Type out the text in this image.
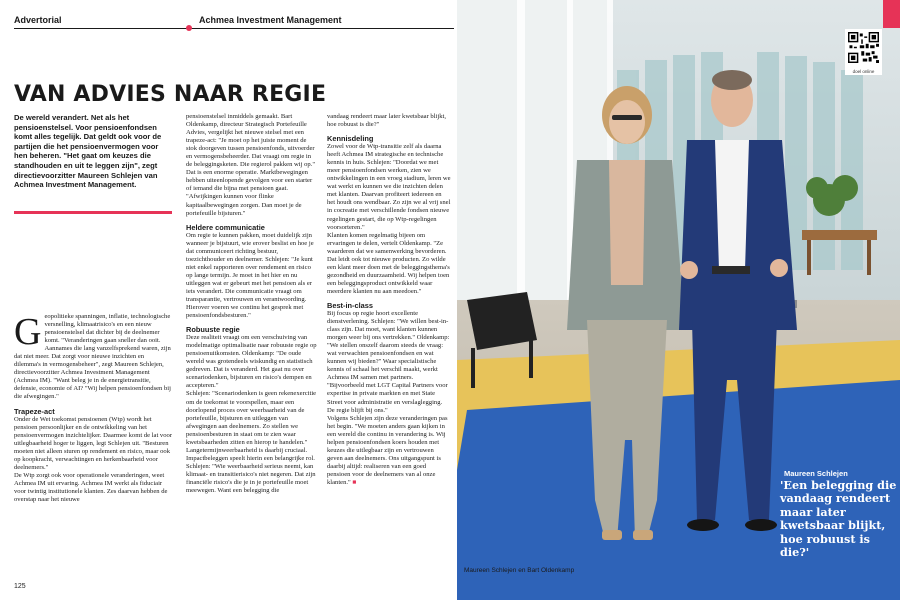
Advertorial	Achmea Investment Management
VAN ADVIES NAAR REGIE
De wereld verandert. Net als het pensioenstelsel. Voor pensioenfondsen komt alles tegelijk. Dat geldt ook voor de partijen die het pensioenvermogen voor hen beheren. "Het gaat om keuzes die standhouden en uit te leggen zijn", zegt directievoorzitter Maureen Schlejen van Achmea Investment Management.
G eopolitieke spanningen, inflatie, technologische versnelling, klimaatrisico's en een nieuw pensioenstelsel dat dichter bij de deelnemer komt. "Veranderingen gaan sneller dan ooit. Aannames die lang vanzelfsprekend waren, zijn dat niet meer. Dat zorgt voor nieuwe inzichten en dilemma's in vermogensbeheer", zegt Maureen Schlejen, directievoorzitter Achmea Investment Management (Achmea IM). "Want beleg je in de energietransitie, defensie, economie of AI? "Wij helpen pensioenfondsen bij die afwegingen."

Trapeze-act

Onder de Wet toekomst pensioenen (Wtp) wordt het pensioen persoonlijker en de ontwikkeling van het pensioenvermogen inzichtelijker. Daarmee komt de lat voor uitlegbaarheid hoger te liggen, legt Schlejen uit. "Besturen moeten niet alleen sturen op rendement en risico, maar ook op koopkracht, verwachtingen en herkenbaarheid voor deelnemers."

De Wtp zorgt ook voor operationele veranderingen, weet Achmea IM uit ervaring. Achmea IM werkt als fiduciair voor twintig institutionele klanten. Zes daarvan hebben de overstap naar het nieuwe

pensioenstelsel inmiddels gemaakt. Bart Oldenkamp, directeur Strategisch Portefeuille Advies, vergelijkt het nieuwe stelsel met een trapeze-act: "Je moet op het juiste moment de stok doorgeven tussen pensioenfonds, uitvoerder en vermogensbeheerder. Dat vraagt om regie in de beleggingsketen. Die regierol pakken wij op." Dat is een enorme operatie. Marktbewegingen hebben uiteenlopende gevolgen voor een starter of iemand die bijna met pensioen gaat. "Afwijkingen kunnen voor flinke kapitaalbewegingen zorgen. Dan moet je de portefeuille bijsturen."

Heldere communicatie

Om regie te kunnen pakken, moet duidelijk zijn wanneer je bijstuurt, wie erover beslist en hoe je dat communiceert richting bestuur, toezichthouder en deelnemer. Schlejen: "Je kunt niet enkel rapporteren over rendement en risico op lange termijn. Je moet in het hier en nu uitleggen wat er gebeurt met het pensioen als er iets verandert. Die communicatie vraagt om transparantie, vertrouwen en verantwoording. Hierover voeren we continu het gesprek met pensioenfondsbesturen."

Robuuste regie

Deze realiteit vraagt om een verschuiving van modelmatige optimalisatie naar robuuste regie op pensioenuitkomsten. Oldenkamp: "De oude wereld was grotendeels wiskundig en statistisch gedreven. Dat is veranderd. Het gaat nu over scenariodenken, bijsturen en risico's dempen en accepteren."

Schlejen: "Scenariodenken is geen rekenexercitie om de toekomst te voorspellen, maar een doorlopend proces over weerbaarheid van de portefeuille, bijsturen en uitleggen van afwegingen aan deelnemers. Zo stellen we pensioenbesturen in staat om te zien waar kwetsbaarheden zitten en hierop te handelen."

Langetermijnweerbaarheid is daarbij cruciaal. Impactbeleggen speelt hierin een belangrijke rol. Schlejen: "Wie weerbaarheid serieus neemt, kan klimaat- en transitierisico's niet negeren. Dat zijn financiële risico's die je in je portefeuille moet meewegen. Want een belegging die

vandaag rendeert maar later kwetsbaar blijkt, hoe robuust is die?"

Kennisdeling

Zowel voor de Wtp-transitie zelf als daarna heeft Achmea IM strategische en technische kennis in huis. Schlejen: "Doordat we met meer pensioenfondsen werken, zien we ontwikkelingen in een vroeg stadium, leren we wat werkt en kunnen we die inzichten delen met klanten. Daarvan profiteert iedereen en het houdt ons wendbaar. Zo zijn we al vrij snel in cocreatie met verschillende fondsen nieuwe regelingen gestart, die op Wtp-regelingen voorsorteren."

Klanten komen regelmatig bijeen om ervaringen te delen, vertelt Oldenkamp. "Ze waarderen dat we samenwerking bevorderen. Dat leidt ook tot nieuwe producten. Zo wilde een klant meer doen met de beleggingsthema's gezondheid en duurzaamheid. Wij helpen toen een beleggingsproduct ontwikkeld waar meerdere klanten nu aan meedoen."

Best-in-class

Bij focus op regie hoort excellente dienstverlening. Schlejen: "We willen best-in-class zijn. Dat moet, want klanten kunnen morgen weer bij ons vertrekken." Oldenkamp: "We stellen onszelf daarom steeds de vraag: wat verwachten pensioenfondsen en wat kunnen wij bieden?" Waar specialistische kennis of schaal het verschil maakt, werkt Achmea IM samen met partners. "Bijvoorbeeld met LGT Capital Partners voor expertise in private markten en met State Street voor administratie en verslaglegging. De regie blijft bij ons."

Volgens Schlejen zijn deze veranderingen pas het begin. "We moeten anders gaan kijken in een wereld die continu in verandering is. Wij helpen pensioenfondsen koers houden met keuzes die uitlegbaar zijn en vertrouwen geven aan deelnemers. Ons uitgangspunt is daarbij altijd: realiseren van een goed pensioen voor de deelnemers van al onze klanten." ■

125
doel online
Maureen Schlejen en Bart Oldenkamp
Maureen Schlejen
'Een belegging die vandaag rendeert maar later kwetsbaar blijkt, hoe robuust is die?'
